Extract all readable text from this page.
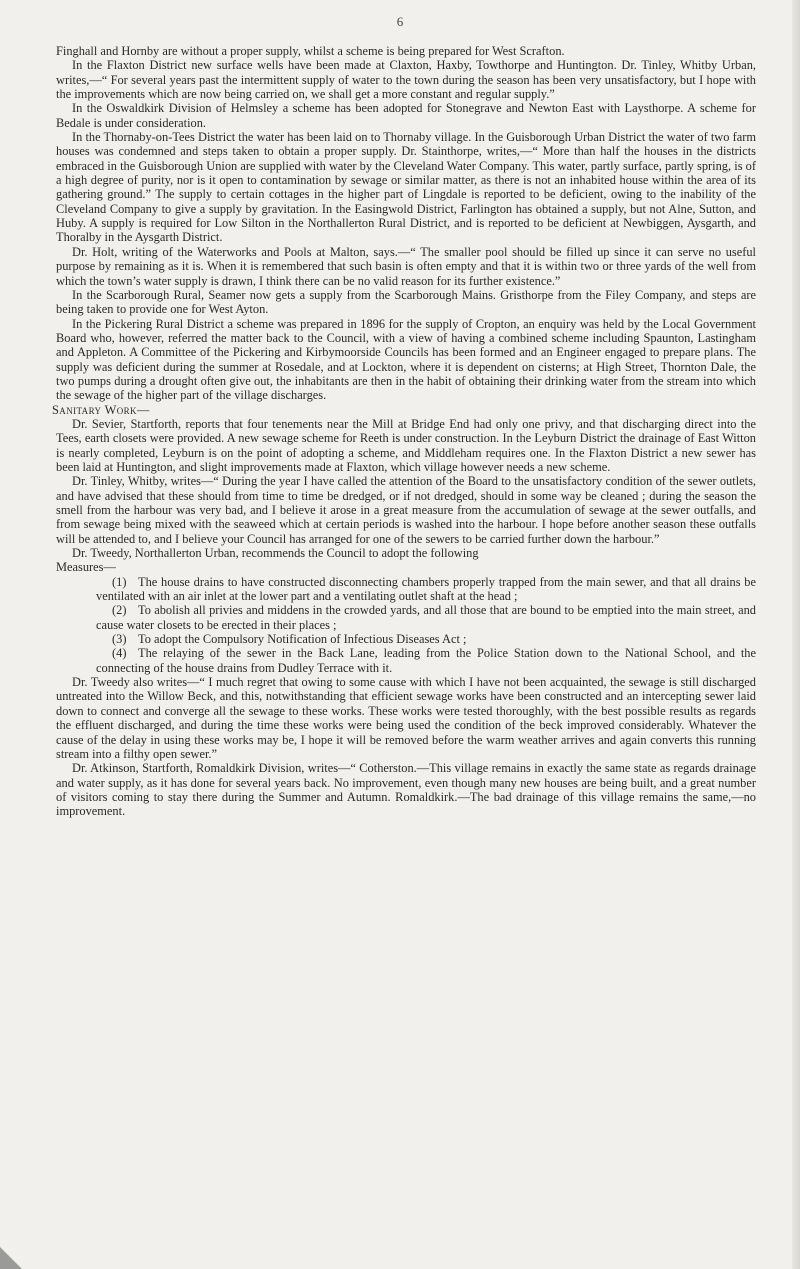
6

Finghall and Hornby are without a proper supply, whilst a scheme is being prepared for West Scrafton.

In the Flaxton District new surface wells have been made at Claxton, Haxby, Towthorpe and Huntington. Dr. Tinley, Whitby Urban, writes,—“ For several years past the intermittent supply of water to the town during the season has been very unsatisfactory, but I hope with the improvements which are now being carried on, we shall get a more constant and regular supply.”

In the Oswaldkirk Division of Helmsley a scheme has been adopted for Stonegrave and Newton East with Laysthorpe. A scheme for Bedale is under consideration.

In the Thornaby-on-Tees District the water has been laid on to Thornaby village. In the Guisborough Urban District the water of two farm houses was condemned and steps taken to obtain a proper supply. Dr. Stainthorpe, writes,—“ More than half the houses in the districts embraced in the Guisborough Union are supplied with water by the Cleveland Water Company. This water, partly surface, partly spring, is of a high degree of purity, nor is it open to contamination by sewage or similar matter, as there is not an inhabited house within the area of its gathering ground.” The supply to certain cottages in the higher part of Lingdale is reported to be deficient, owing to the inability of the Cleveland Company to give a supply by gravitation. In the Easingwold District, Farlington has obtained a supply, but not Alne, Sutton, and Huby. A supply is required for Low Silton in the Northallerton Rural District, and is reported to be deficient at Newbiggen, Aysgarth, and Thoralby in the Aysgarth District.

Dr. Holt, writing of the Waterworks and Pools at Malton, says.—“ The smaller pool should be filled up since it can serve no useful purpose by remaining as it is. When it is remembered that such basin is often empty and that it is within two or three yards of the well from which the town’s water supply is drawn, I think there can be no valid reason for its further existence.”

In the Scarborough Rural, Seamer now gets a supply from the Scarborough Mains. Gristhorpe from the Filey Company, and steps are being taken to provide one for West Ayton.

In the Pickering Rural District a scheme was prepared in 1896 for the supply of Cropton, an enquiry was held by the Local Government Board who, however, referred the matter back to the Council, with a view of having a combined scheme including Spaunton, Lastingham and Appleton. A Committee of the Pickering and Kirbymoorside Councils has been formed and an Engineer engaged to prepare plans. The supply was deficient during the summer at Rosedale, and at Lockton, where it is dependent on cisterns; at High Street, Thornton Dale, the two pumps during a drought often give out, the inhabitants are then in the habit of obtaining their drinking water from the stream into which the sewage of the higher part of the village discharges.

Sanitary Work—

Dr. Sevier, Startforth, reports that four tenements near the Mill at Bridge End had only one privy, and that discharging direct into the Tees, earth closets were provided. A new sewage scheme for Reeth is under construction. In the Leyburn District the drainage of East Witton is nearly completed, Leyburn is on the point of adopting a scheme, and Middleham requires one. In the Flaxton District a new sewer has been laid at Huntington, and slight improvements made at Flaxton, which village however needs a new scheme.

Dr. Tinley, Whitby, writes—“ During the year I have called the attention of the Board to the unsatisfactory condition of the sewer outlets, and have advised that these should from time to time be dredged, or if not dredged, should in some way be cleaned ; during the season the smell from the harbour was very bad, and I believe it arose in a great measure from the accumulation of sewage at the sewer outfalls, and from sewage being mixed with the seaweed which at certain periods is washed into the harbour. I hope before another season these outfalls will be attended to, and I believe your Council has arranged for one of the sewers to be carried further down the harbour.”

Dr. Tweedy, Northallerton Urban, recommends the Council to adopt the following

Measures—

(1) The house drains to have constructed disconnecting chambers properly trapped from the main sewer, and that all drains be ventilated with an air inlet at the lower part and a ventilating outlet shaft at the head ;

(2) To abolish all privies and middens in the crowded yards, and all those that are bound to be emptied into the main street, and cause water closets to be erected in their places ;

(3) To adopt the Compulsory Notification of Infectious Diseases Act ;

(4) The relaying of the sewer in the Back Lane, leading from the Police Station down to the National School, and the connecting of the house drains from Dudley Terrace with it.

Dr. Tweedy also writes—“ I much regret that owing to some cause with which I have not been acquainted, the sewage is still discharged untreated into the Willow Beck, and this, notwithstanding that efficient sewage works have been constructed and an intercepting sewer laid down to connect and converge all the sewage to these works. These works were tested thoroughly, with the best possible results as regards the effluent discharged, and during the time these works were being used the condition of the beck improved considerably. Whatever the cause of the delay in using these works may be, I hope it will be removed before the warm weather arrives and again converts this running stream into a filthy open sewer.”

Dr. Atkinson, Startforth, Romaldkirk Division, writes—“ Cotherston.—This village remains in exactly the same state as regards drainage and water supply, as it has done for several years back. No improvement, even though many new houses are being built, and a great number of visitors coming to stay there during the Summer and Autumn. Romaldkirk.—The bad drainage of this village remains the same,—no improvement.
